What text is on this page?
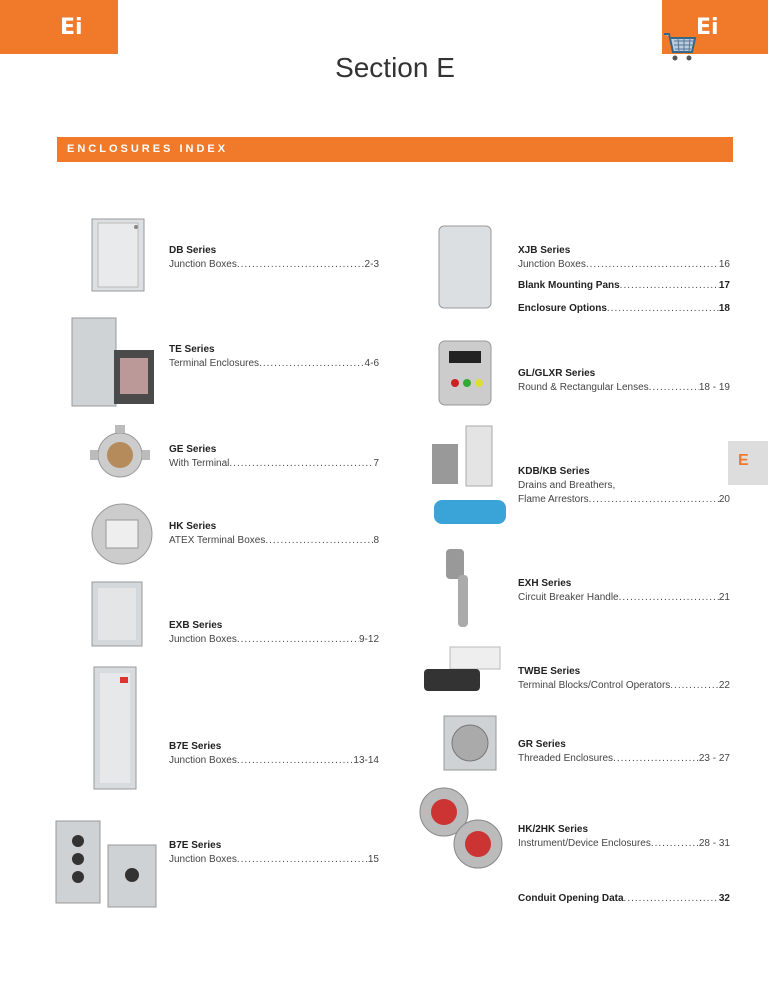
Ei	Ei
Section E
ENCLOSURES INDEX
E
DB Series
Junction Boxes .....	2-3
TE Series
Terminal Enclosures .....	4-6
GE Series
With Terminal .....	7
HK Series
ATEX Terminal Boxes .....	8
EXB Series
Junction Boxes .....	9-12
B7E Series
Junction Boxes .....	13-14
B7E Series
Junction Boxes .....	15
XJB Series
Junction Boxes .....	16
Blank Mounting Pans .....	17
Enclosure Options .....	18
GL/GLXR Series
Round & Rectangular Lenses .....	18 - 19
KDB/KB Series
Drains and Breathers,
Flame Arrestors .....	20
EXH Series
Circuit Breaker Handle .....	21
TWBE Series
Terminal Blocks/Control Operators .....	22
GR Series
Threaded Enclosures .....	23 - 27
HK/2HK Series
Instrument/Device Enclosures .....	28 - 31
Conduit Opening Data .....	32
